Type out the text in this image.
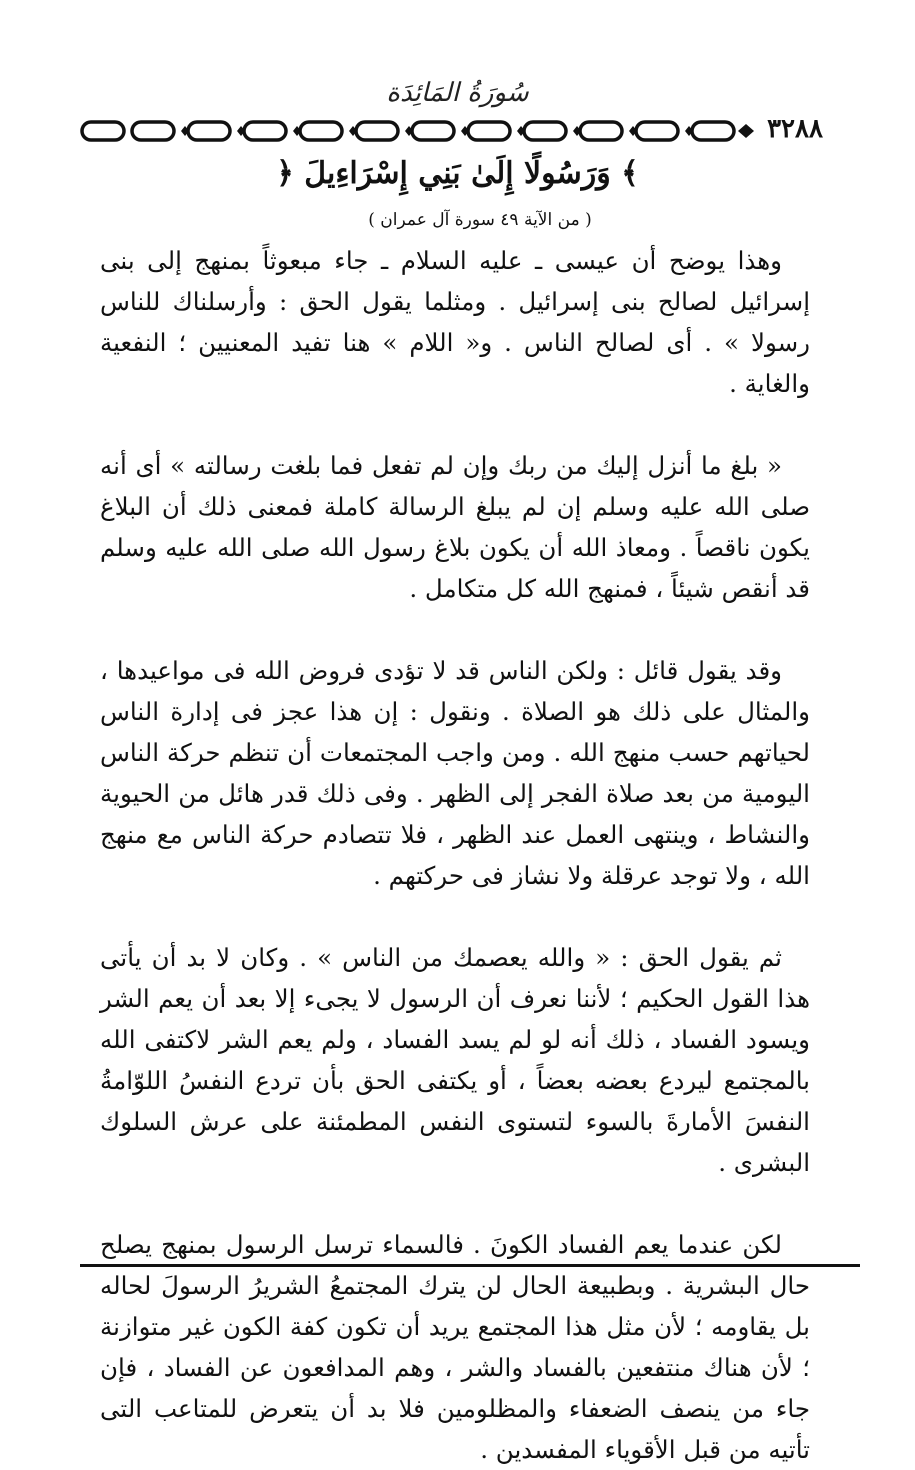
سُورَةُ المَائِدَة
٣٢٨٨
﴿ وَرَسُولًا إِلَىٰ بَنِي إِسْرَاءِيلَ ﴾
( من الآية ٤٩ سورة آل عمران )

وهذا يوضح أن عيسى ـ عليه السلام ـ جاء مبعوثاً بمنهج إلى بنى إسرائيل لصالح بنى إسرائيل . ومثلما يقول الحق : وأرسلناك للناس رسولا » . أى لصالح الناس . و« اللام » هنا تفيد المعنيين ؛ النفعية والغاية .

« بلغ ما أنزل إليك من ربك وإن لم تفعل فما بلغت رسالته » أى أنه صلى الله عليه وسلم إن لم يبلغ الرسالة كاملة فمعنى ذلك أن البلاغ يكون ناقصاً . ومعاذ الله أن يكون بلاغ رسول الله صلى الله عليه وسلم قد أنقص شيئاً ، فمنهج الله كل متكامل .

وقد يقول قائل : ولكن الناس قد لا تؤدى فروض الله فى مواعيدها ، والمثال على ذلك هو الصلاة . ونقول : إن هذا عجز فى إدارة الناس لحياتهم حسب منهج الله . ومن واجب المجتمعات أن تنظم حركة الناس اليومية من بعد صلاة الفجر إلى الظهر . وفى ذلك قدر هائل من الحيوية والنشاط ، وينتهى العمل عند الظهر ، فلا تتصادم حركة الناس مع منهج الله ، ولا توجد عرقلة ولا نشاز فى حركتهم .

ثم يقول الحق : « والله يعصمك من الناس » . وكان لا بد أن يأتى هذا القول الحكيم ؛ لأننا نعرف أن الرسول لا يجىء إلا بعد أن يعم الشر ويسود الفساد ، ذلك أنه لو لم يسد الفساد ، ولم يعم الشر لاكتفى الله بالمجتمع ليردع بعضه بعضاً ، أو يكتفى الحق بأن تردع النفسُ اللوّامةُ النفسَ الأمارةَ بالسوء لتستوى النفس المطمئنة على عرش السلوك البشرى .

لكن عندما يعم الفساد الكونَ . فالسماء ترسل الرسول بمنهج يصلح حال البشرية . وبطبيعة الحال لن يترك المجتمعُ الشريرُ الرسولَ لحاله بل يقاومه ؛ لأن مثل هذا المجتمع يريد أن تكون كفة الكون غير متوازنة ؛ لأن هناك منتفعين بالفساد والشر ، وهم المدافعون عن الفساد ، فإن جاء من ينصف الضعفاء والمظلومين فلا بد أن يتعرض للمتاعب التى تأتيه من قبل الأقوياء المفسدين .
